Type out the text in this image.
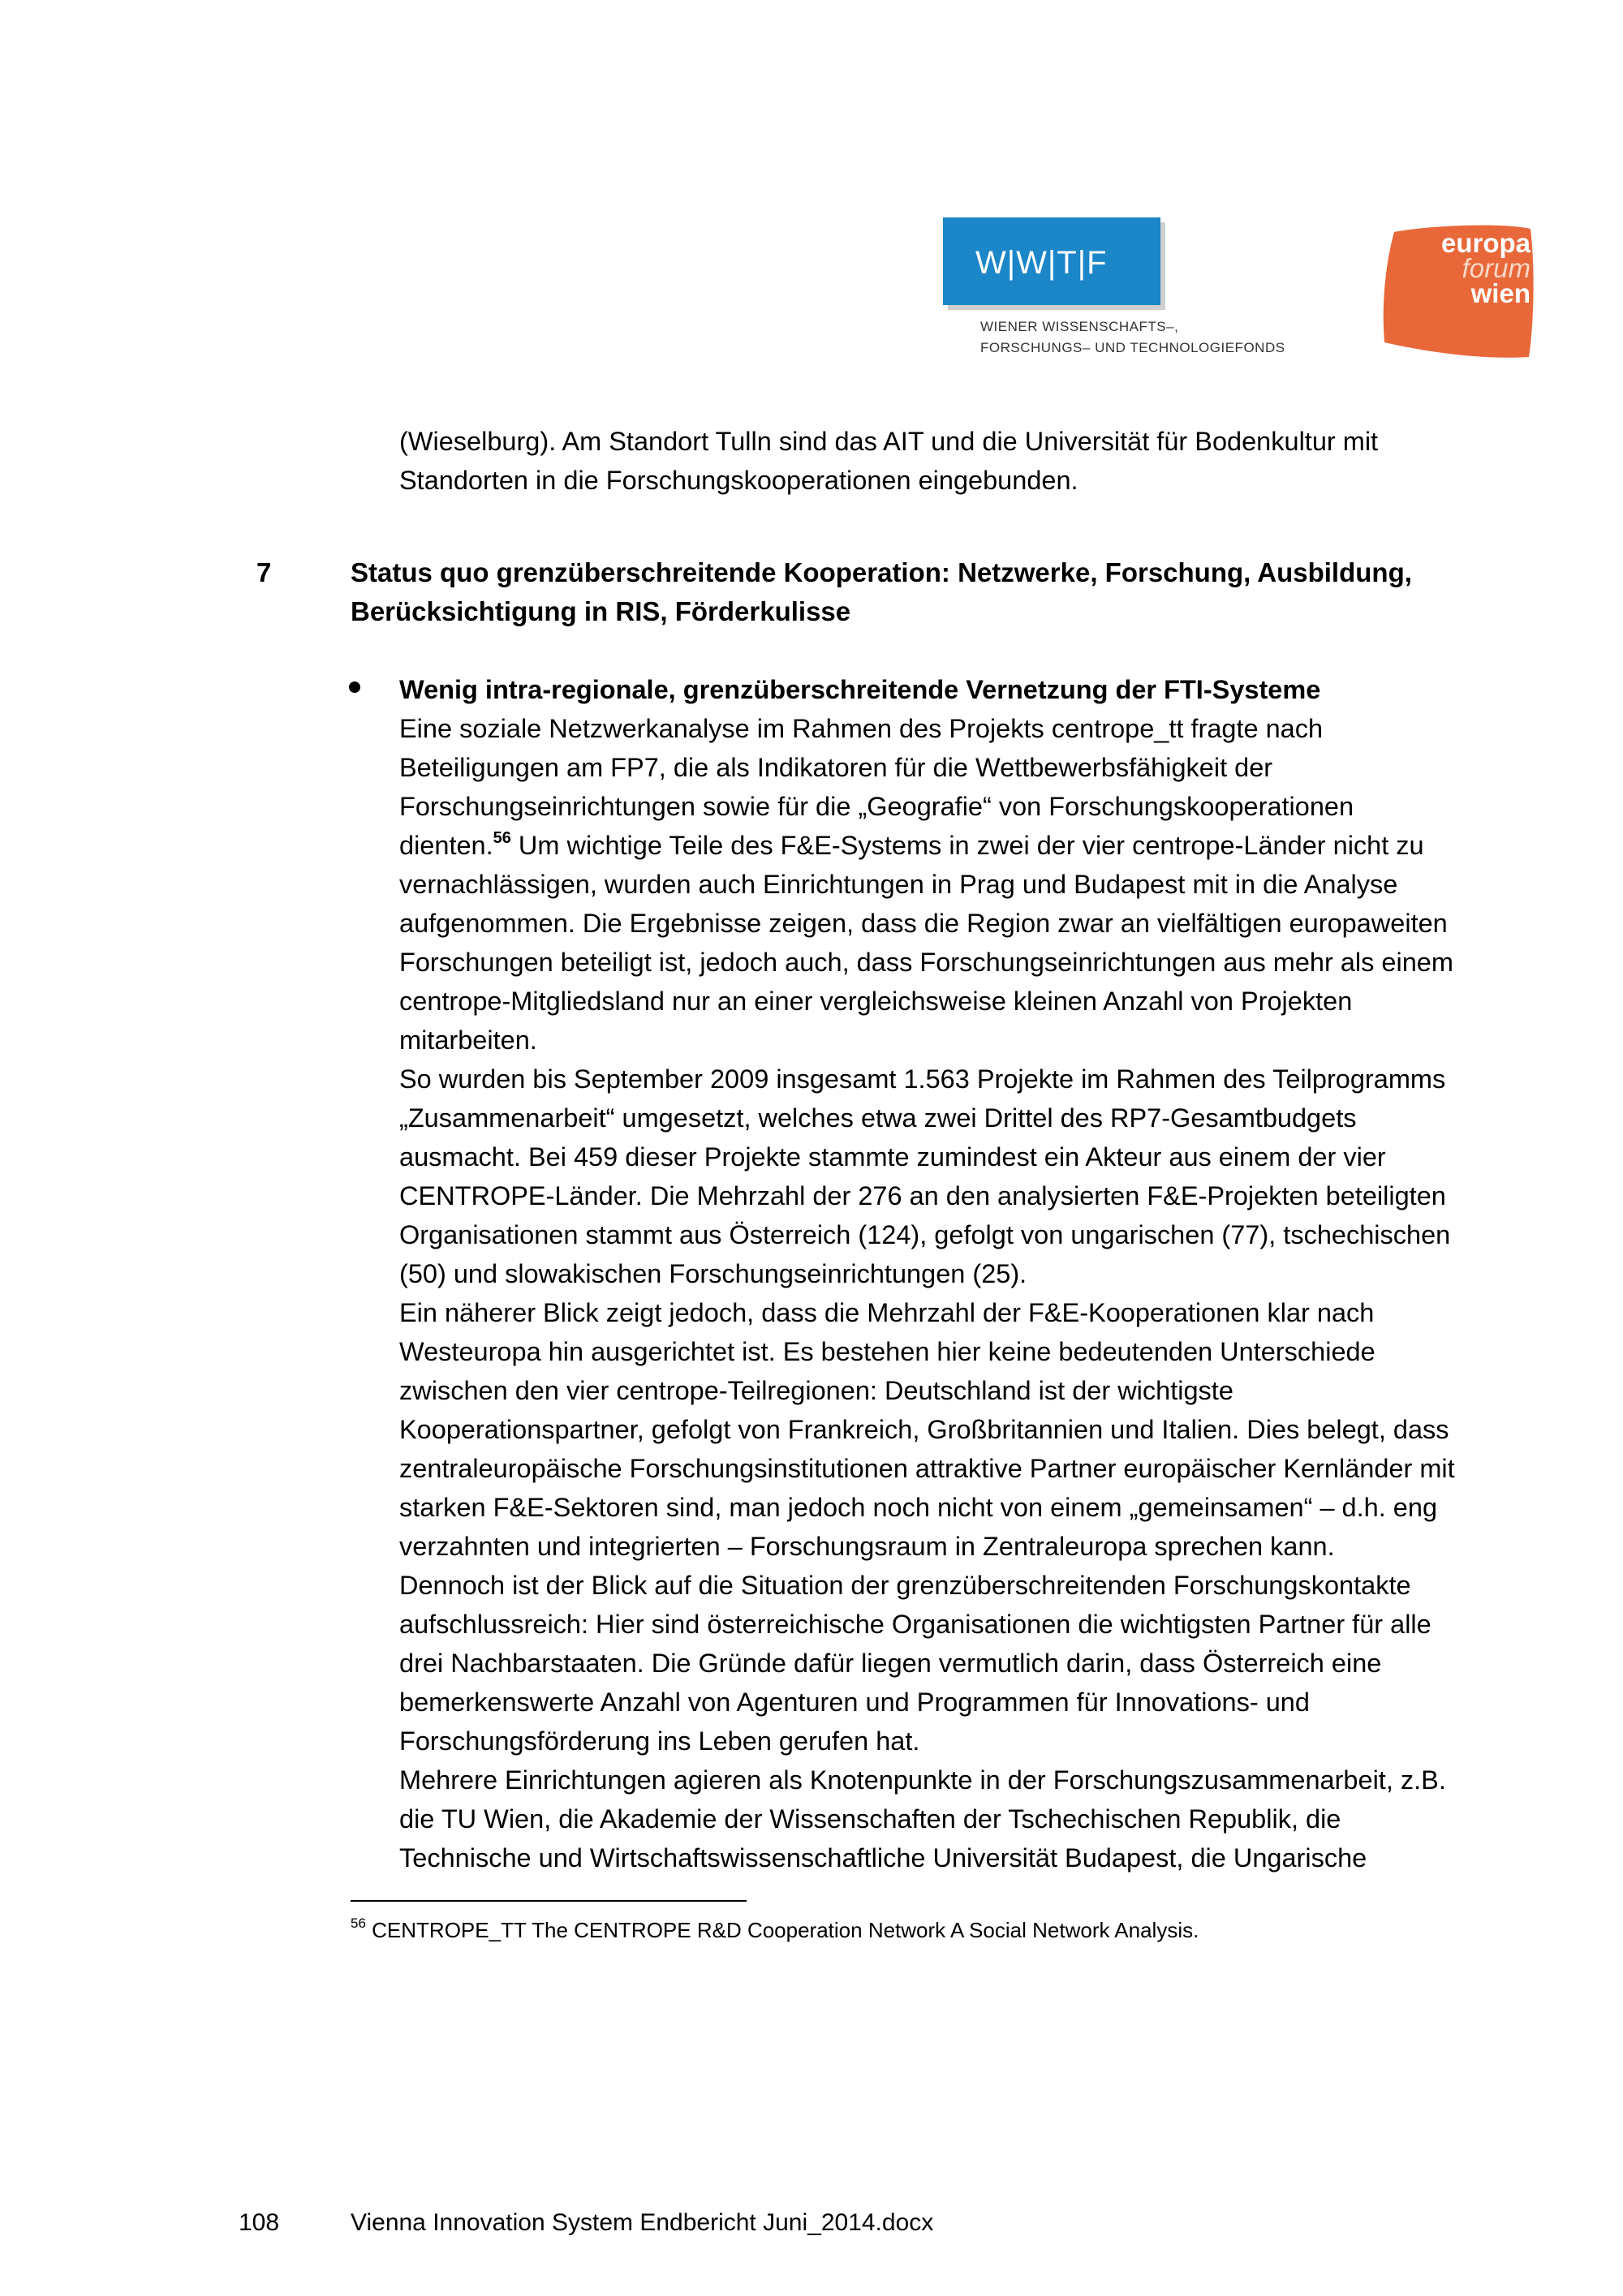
W|W|T|F
WIENER WISSENSCHAFTS–,
FORSCHUNGS– UND TECHNOLOGIEFONDS
europa
forum
wien
(Wieselburg). Am Standort Tulln sind das AIT und die Universität für Bodenkultur mit
Standorten in die Forschungskooperationen eingebunden.
7	Status quo grenzüberschreitende Kooperation: Netzwerke, Forschung, Ausbildung,
Berücksichtigung in RIS, Förderkulisse
Wenig intra-regionale, grenzüberschreitende Vernetzung der FTI-Systeme
Eine soziale Netzwerkanalyse im Rahmen des Projekts centrope_tt fragte nach
Beteiligungen am FP7, die als Indikatoren für die Wettbewerbsfähigkeit der
Forschungseinrichtungen sowie für die „Geografie“ von Forschungskooperationen
dienten.$^{56}$ Um wichtige Teile des F&E-Systems in zwei der vier centrope-Länder nicht zu
vernachlässigen, wurden auch Einrichtungen in Prag und Budapest mit in die Analyse
aufgenommen. Die Ergebnisse zeigen, dass die Region zwar an vielfältigen europaweiten
Forschungen beteiligt ist, jedoch auch, dass Forschungseinrichtungen aus mehr als einem
centrope-Mitgliedsland nur an einer vergleichsweise kleinen Anzahl von Projekten
mitarbeiten.
So wurden bis September 2009 insgesamt 1.563 Projekte im Rahmen des Teilprogramms
„Zusammenarbeit“ umgesetzt, welches etwa zwei Drittel des RP7-Gesamtbudgets
ausmacht. Bei 459 dieser Projekte stammte zumindest ein Akteur aus einem der vier
CENTROPE-Länder. Die Mehrzahl der 276 an den analysierten F&E-Projekten beteiligten
Organisationen stammt aus Österreich (124), gefolgt von ungarischen (77), tschechischen
(50) und slowakischen Forschungseinrichtungen (25).
Ein näherer Blick zeigt jedoch, dass die Mehrzahl der F&E-Kooperationen klar nach
Westeuropa hin ausgerichtet ist. Es bestehen hier keine bedeutenden Unterschiede
zwischen den vier centrope-Teilregionen: Deutschland ist der wichtigste
Kooperationspartner, gefolgt von Frankreich, Großbritannien und Italien. Dies belegt, dass
zentraleuropäische Forschungsinstitutionen attraktive Partner europäischer Kernländer mit
starken F&E-Sektoren sind, man jedoch noch nicht von einem „gemeinsamen“ – d.h. eng
verzahnten und integrierten – Forschungsraum in Zentraleuropa sprechen kann.
Dennoch ist der Blick auf die Situation der grenzüberschreitenden Forschungskontakte
aufschlussreich: Hier sind österreichische Organisationen die wichtigsten Partner für alle
drei Nachbarstaaten. Die Gründe dafür liegen vermutlich darin, dass Österreich eine
bemerkenswerte Anzahl von Agenturen und Programmen für Innovations- und
Forschungsförderung ins Leben gerufen hat.
Mehrere Einrichtungen agieren als Knotenpunkte in der Forschungszusammenarbeit, z.B.
die TU Wien, die Akademie der Wissenschaften der Tschechischen Republik, die
Technische und Wirtschaftswissenschaftliche Universität Budapest, die Ungarische
$^{56}$ CENTROPE_TT The CENTROPE R&D Cooperation Network A Social Network Analysis.
108	Vienna Innovation System Endbericht Juni_2014.docx
